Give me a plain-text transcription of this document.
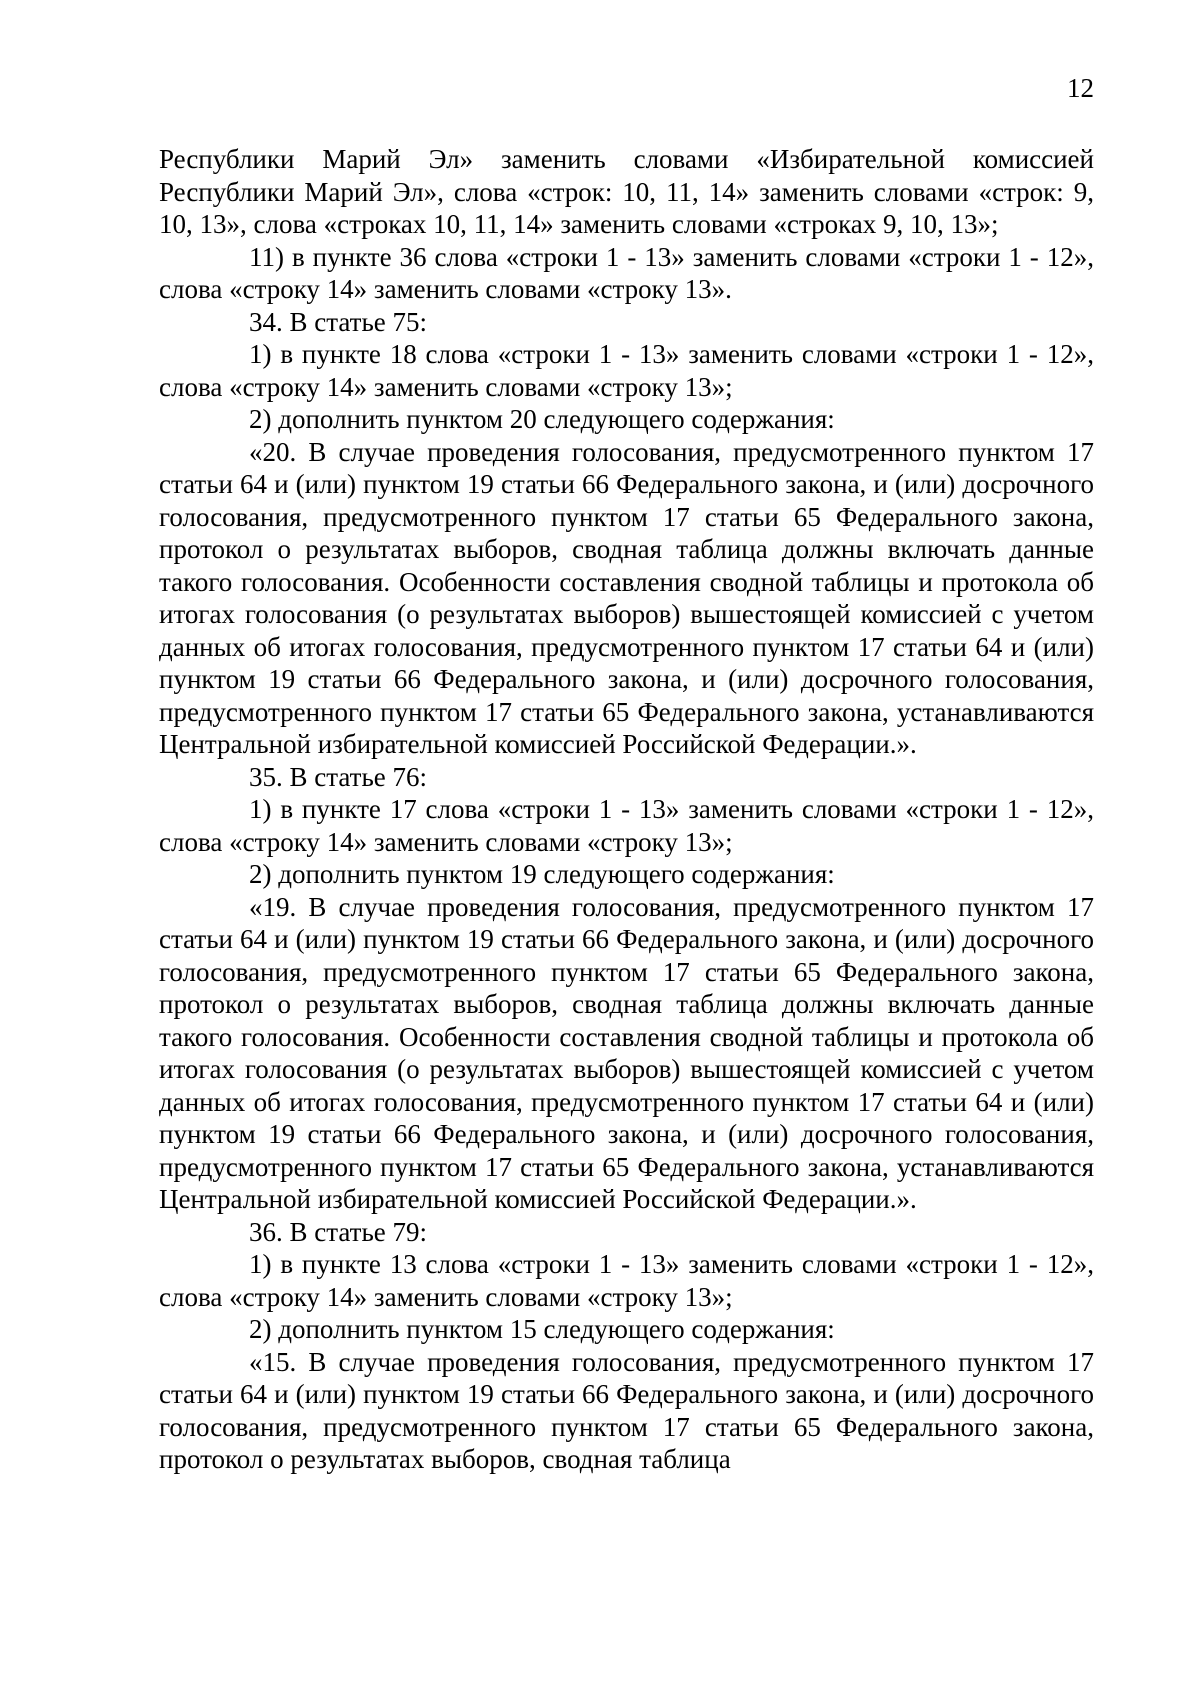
12

Республики Марий Эл» заменить словами «Избирательной комиссией Республики Марий Эл», слова «строк: 10, 11, 14» заменить словами «строк: 9, 10, 13», слова «строках 10, 11, 14» заменить словами «строках 9, 10, 13»;

11) в пункте 36 слова «строки 1 - 13» заменить словами «строки 1 - 12», слова «строку 14» заменить словами «строку 13».

34. В статье 75:

1) в пункте 18 слова «строки 1 - 13» заменить словами «строки 1 - 12», слова «строку 14» заменить словами «строку 13»;

2) дополнить пунктом 20 следующего содержания:

«20. В случае проведения голосования, предусмотренного пунктом 17 статьи 64 и (или) пунктом 19 статьи 66 Федерального закона, и (или) досрочного голосования, предусмотренного пунктом 17 статьи 65 Федерального закона, протокол о результатах выборов, сводная таблица должны включать данные такого голосования. Особенности составления сводной таблицы и протокола об итогах голосования (о результатах выборов) вышестоящей комиссией с учетом данных об итогах голосования, предусмотренного пунктом 17 статьи 64 и (или) пунктом 19 статьи 66 Федерального закона, и (или) досрочного голосования, предусмотренного пунктом 17 статьи 65 Федерального закона, устанавливаются Центральной избирательной комиссией Российской Федерации.».

35. В статье 76:

1) в пункте 17 слова «строки 1 - 13» заменить словами «строки 1 - 12», слова «строку 14» заменить словами «строку 13»;

2) дополнить пунктом 19 следующего содержания:

«19. В случае проведения голосования, предусмотренного пунктом 17 статьи 64 и (или) пунктом 19 статьи 66 Федерального закона, и (или) досрочного голосования, предусмотренного пунктом 17 статьи 65 Федерального закона, протокол о результатах выборов, сводная таблица должны включать данные такого голосования. Особенности составления сводной таблицы и протокола об итогах голосования (о результатах выборов) вышестоящей комиссией с учетом данных об итогах голосования, предусмотренного пунктом 17 статьи 64 и (или) пунктом 19 статьи 66 Федерального закона, и (или) досрочного голосования, предусмотренного пунктом 17 статьи 65 Федерального закона, устанавливаются Центральной избирательной комиссией Российской Федерации.».

36. В статье 79:

1) в пункте 13 слова «строки 1 - 13» заменить словами «строки 1 - 12», слова «строку 14» заменить словами «строку 13»;

2) дополнить пунктом 15 следующего содержания:

«15. В случае проведения голосования, предусмотренного пунктом 17 статьи 64 и (или) пунктом 19 статьи 66 Федерального закона, и (или) досрочного голосования, предусмотренного пунктом 17 статьи 65 Федерального закона, протокол о результатах выборов, сводная таблица
